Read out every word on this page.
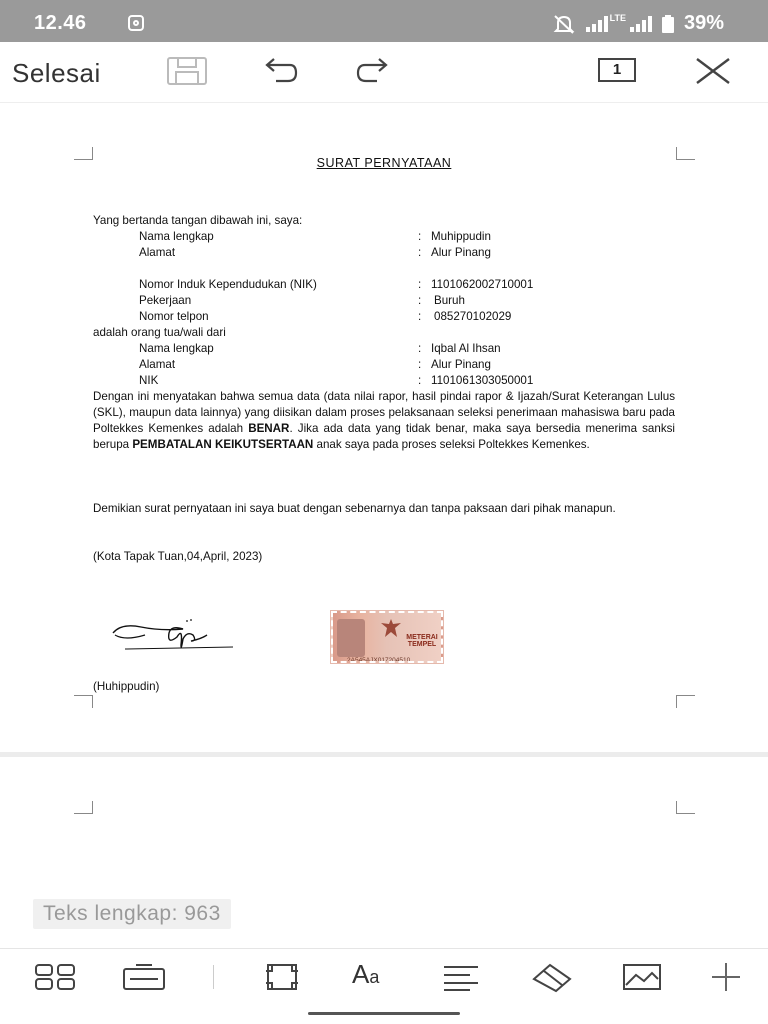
12.46	LTE	39%
Selesai	1
SURAT PERNYATAAN
Yang bertanda tangan dibawah ini, saya:
Nama lengkap	: Muhippudin
Alamat	: Alur Pinang
Nomor Induk Kependudukan (NIK)	: 1101062002710001
Pekerjaan	: Buruh
Nomor telpon	: 085270102029
adalah orang tua/wali dari
Nama lengkap	: Iqbal Al Ihsan
Alamat	: Alur Pinang
NIK	: 1101061303050001
Dengan ini menyatakan bahwa semua data (data nilai rapor, hasil pindai rapor & Ijazah/Surat Keterangan Lulus (SKL), maupun data lainnya) yang diisikan dalam proses pelaksanaan seleksi penerimaan mahasiswa baru pada Poltekkes Kemenkes adalah BENAR. Jika ada data yang tidak benar, maka saya bersedia menerima sanksi berupa PEMBATALAN KEIKUTSERTAAN anak saya pada proses seleksi Poltekkes Kemenkes.
Demikian surat pernyataan ini saya buat dengan sebenarnya dan tanpa paksaan dari pihak manapun.
(Kota Tapak Tuan,04,April, 2023)
METERAI TEMPEL
2A545AJX017204510
(Huhippudin)
Teks lengkap: 963
Aa
